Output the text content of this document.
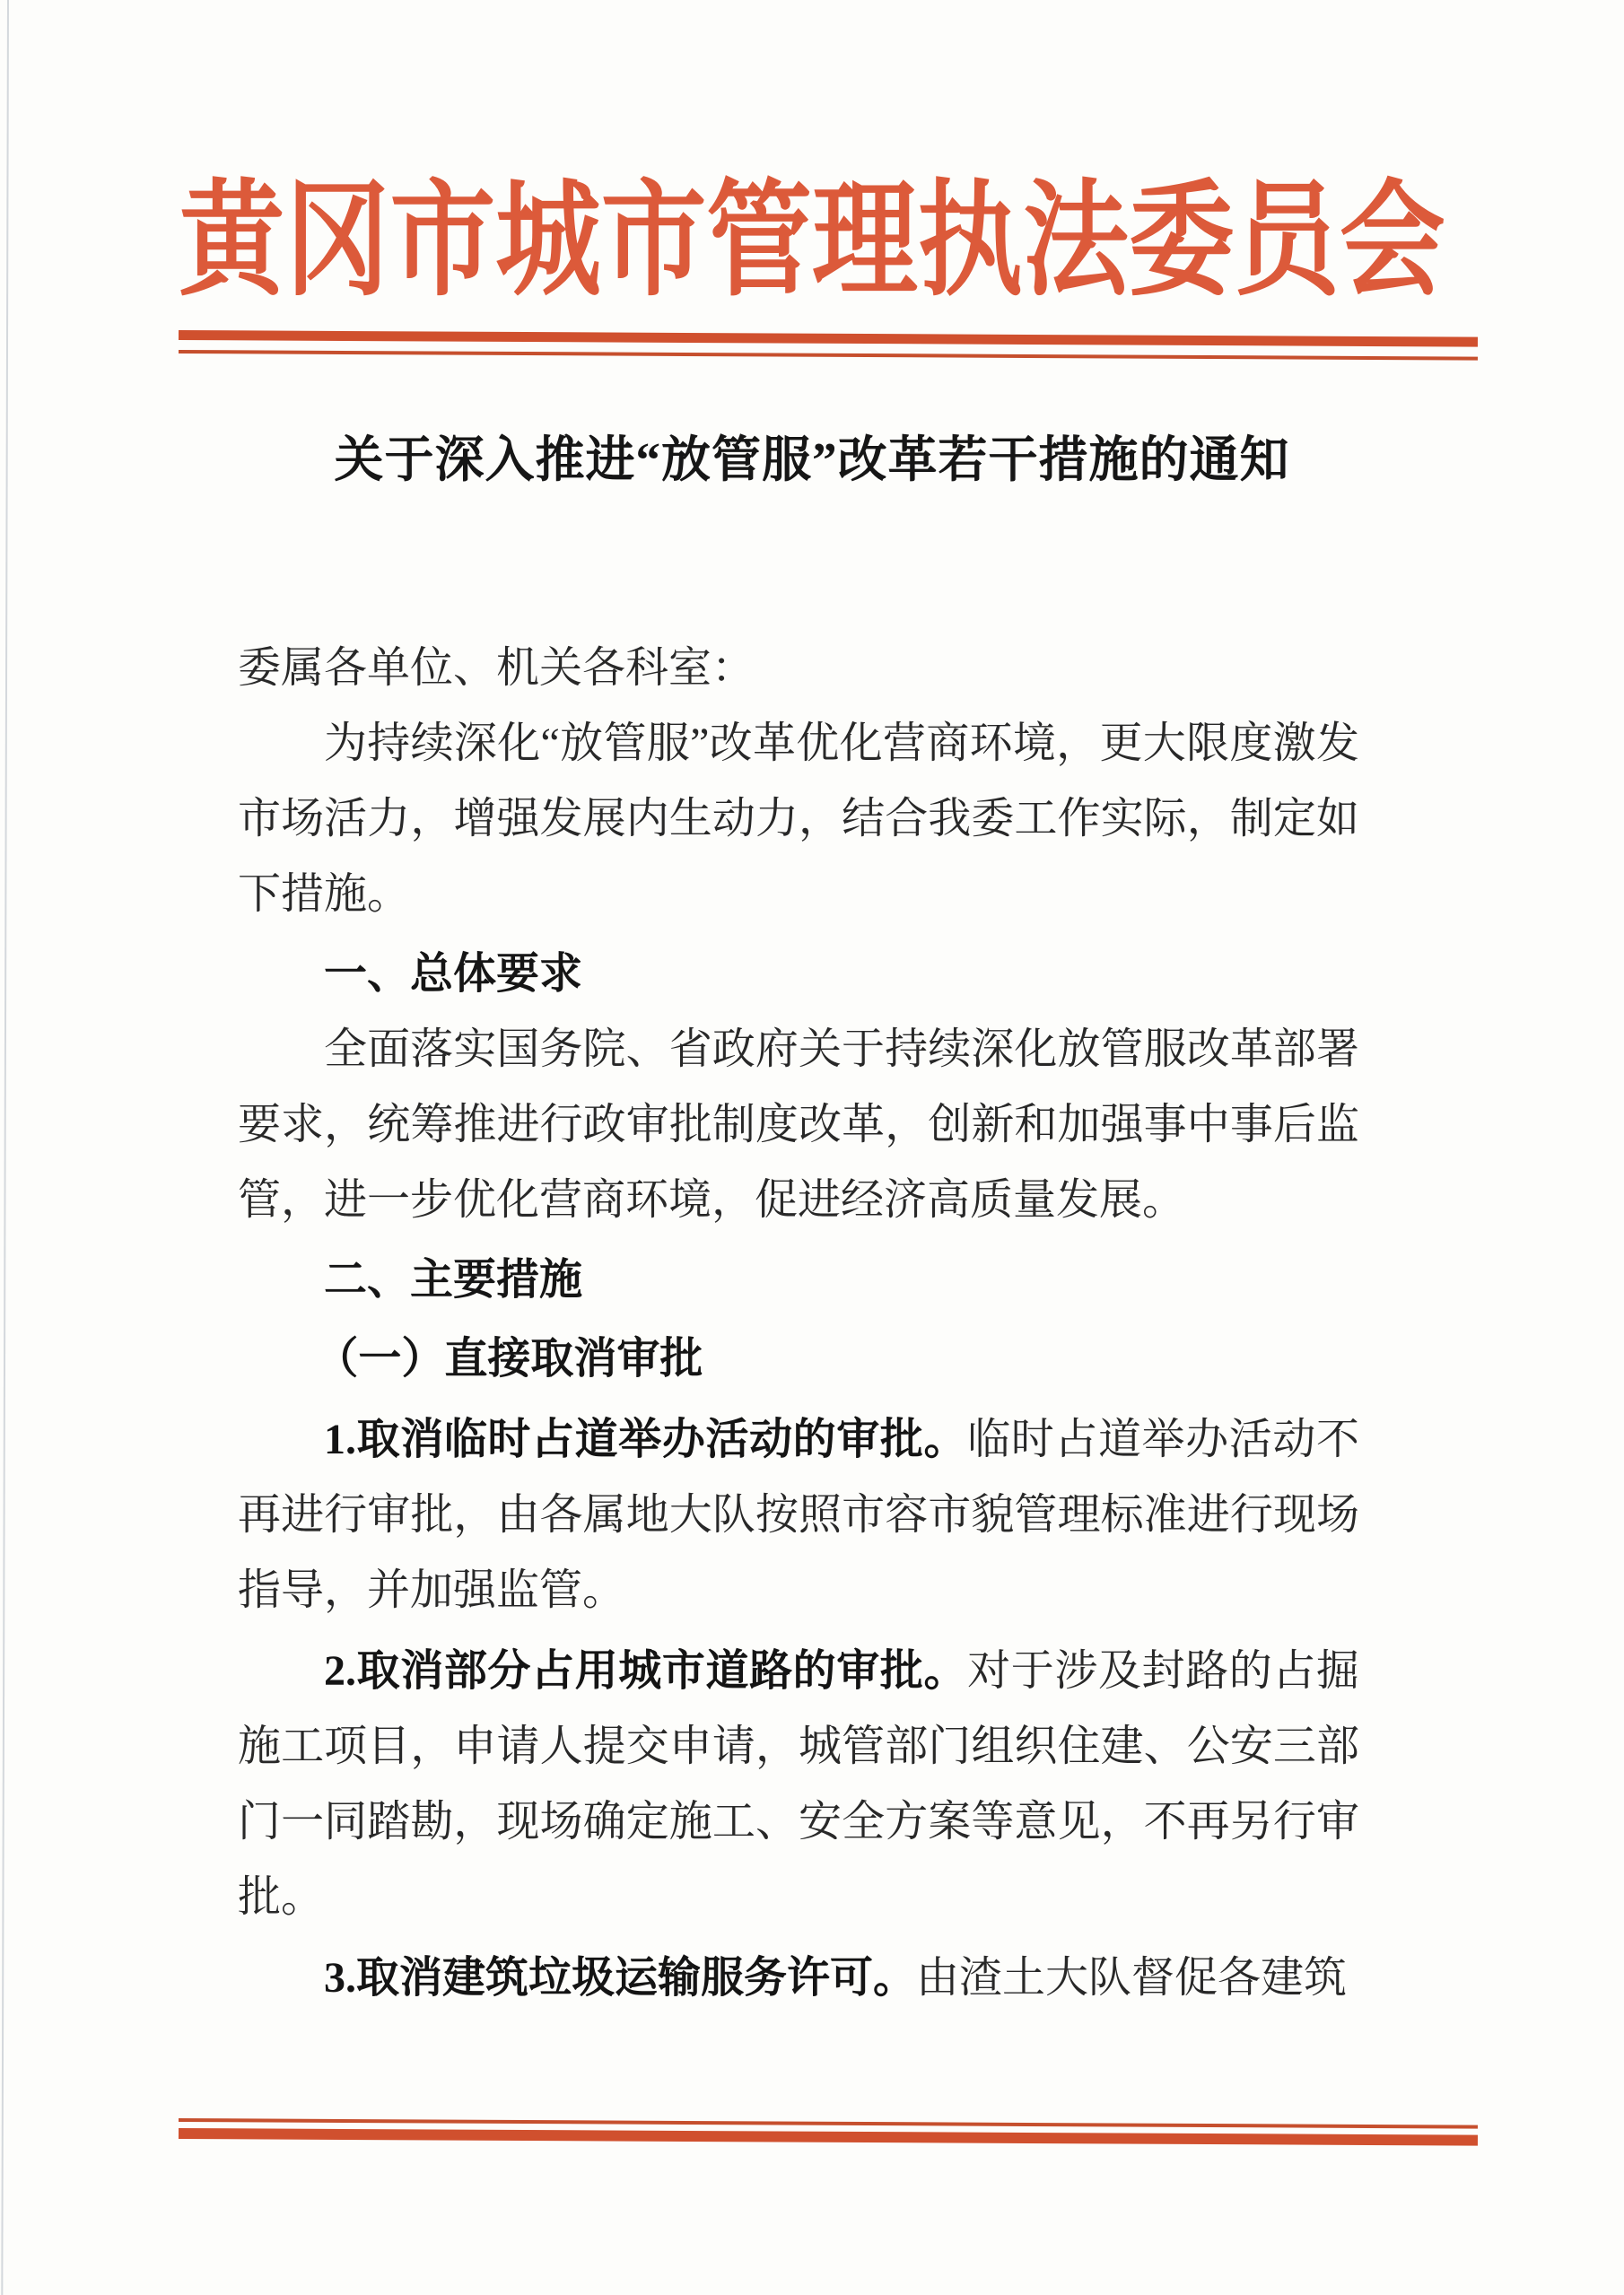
黄冈市城市管理执法委员会
关于深入推进“放管服”改革若干措施的通知

委属各单位、机关各科室：

为持续深化“放管服”改革优化营商环境，更大限度激发市场活力，增强发展内生动力，结合我委工作实际，制定如下措施。

一、总体要求

全面落实国务院、省政府关于持续深化放管服改革部署要求，统筹推进行政审批制度改革，创新和加强事中事后监管，进一步优化营商环境，促进经济高质量发展。

二、主要措施

（一）直接取消审批

1.取消临时占道举办活动的审批。临时占道举办活动不再进行审批，由各属地大队按照市容市貌管理标准进行现场指导，并加强监管。

2.取消部分占用城市道路的审批。对于涉及封路的占掘施工项目，申请人提交申请，城管部门组织住建、公安三部门一同踏勘，现场确定施工、安全方案等意见，不再另行审批。

3.取消建筑垃圾运输服务许可。由渣土大队督促各建筑
